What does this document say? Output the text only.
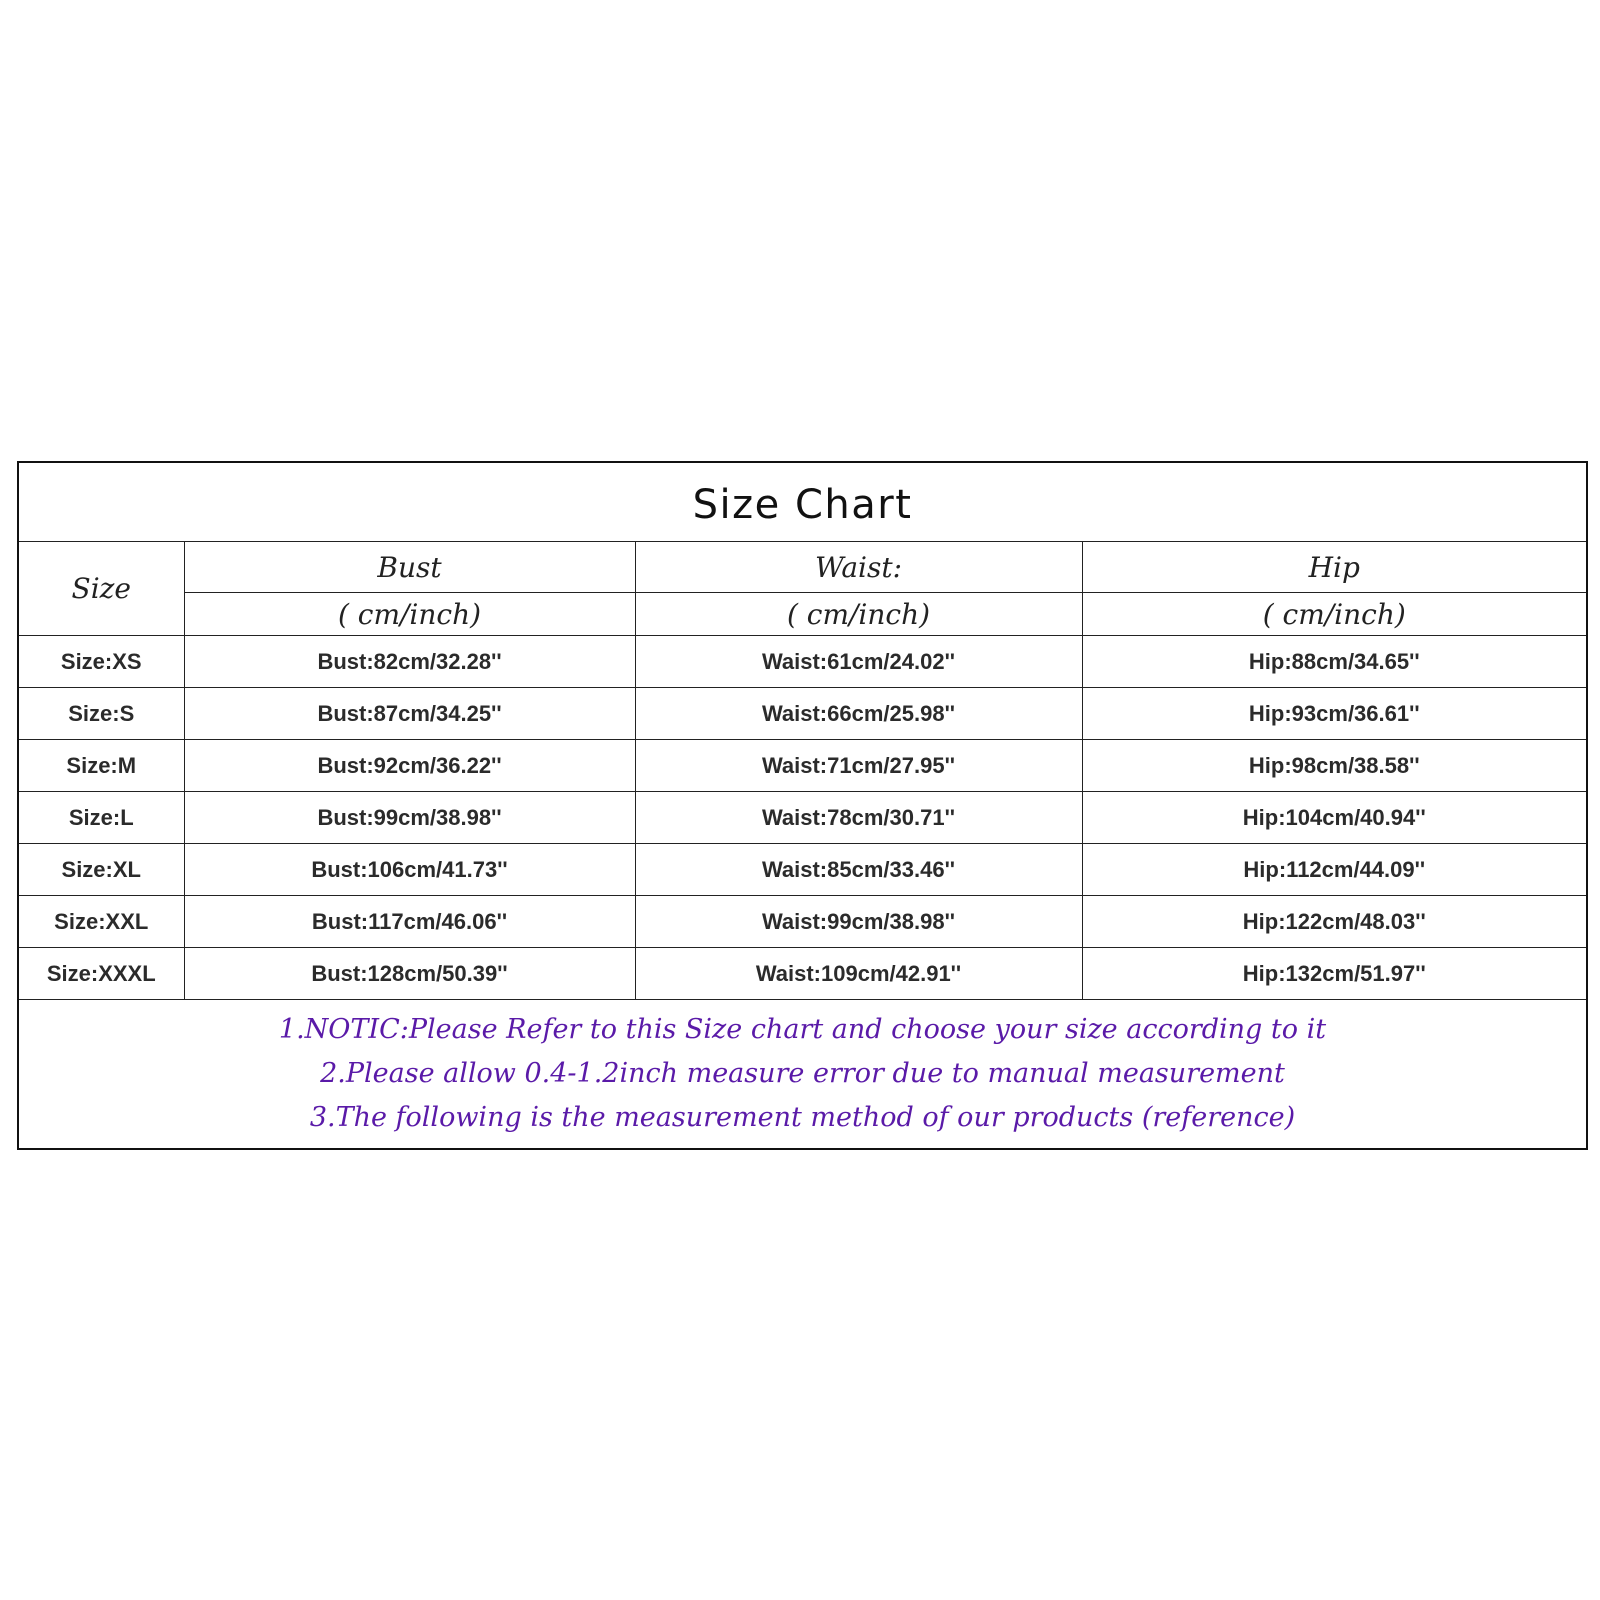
Size Chart			
Size	Bust	Waist:	Hip
	( cm/inch)	( cm/inch)	( cm/inch)
Size:XS	Bust:82cm/32.28''	Waist:61cm/24.02''	Hip:88cm/34.65''
Size:S	Bust:87cm/34.25''	Waist:66cm/25.98''	Hip:93cm/36.61''
Size:M	Bust:92cm/36.22''	Waist:71cm/27.95''	Hip:98cm/38.58''
Size:L	Bust:99cm/38.98''	Waist:78cm/30.71''	Hip:104cm/40.94''
Size:XL	Bust:106cm/41.73''	Waist:85cm/33.46''	Hip:112cm/44.09''
Size:XXL	Bust:117cm/46.06''	Waist:99cm/38.98''	Hip:122cm/48.03''
Size:XXXL	Bust:128cm/50.39''	Waist:109cm/42.91''	Hip:132cm/51.97''

1.NOTIC:Please Refer to this Size chart and choose your size according to it
2.Please allow 0.4-1.2inch measure error due to manual measurement
3.The following is the measurement method of our products (reference)			
